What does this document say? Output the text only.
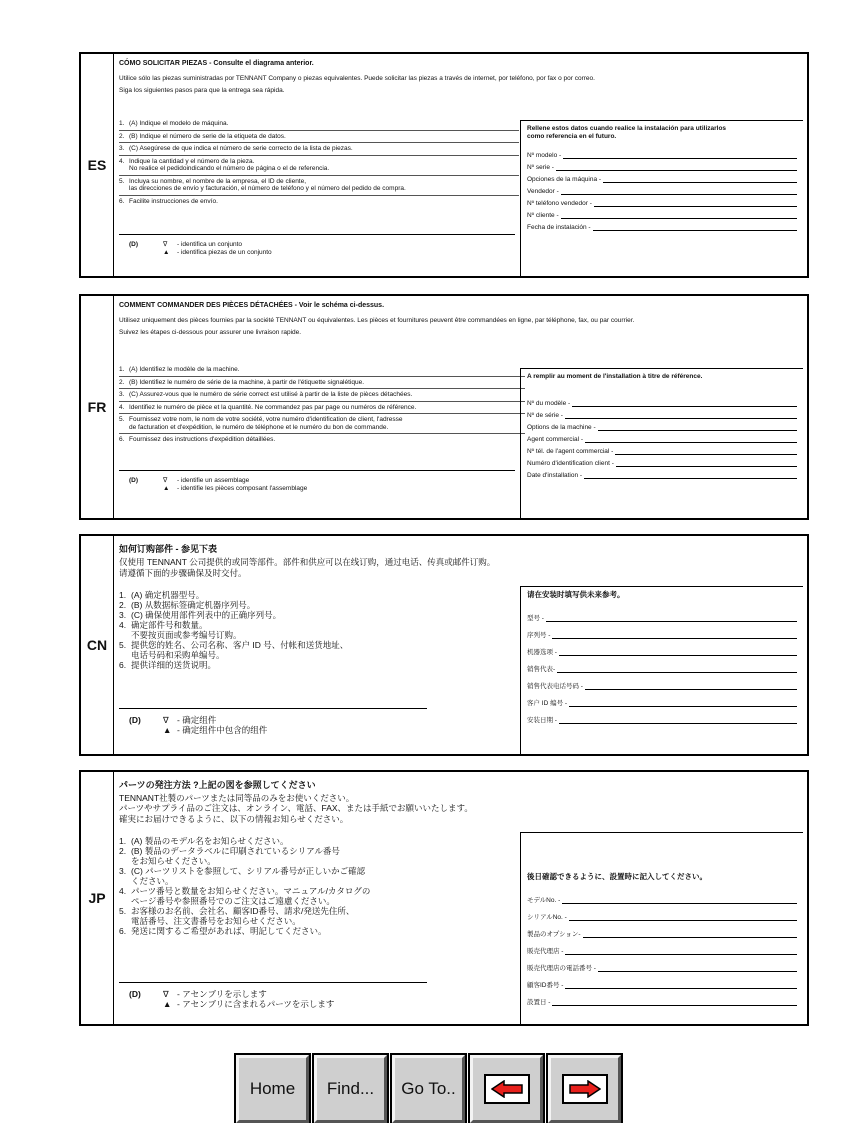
ES
CÓMO SOLICITAR PIEZAS - Consulte el diagrama anterior.
Utilice sólo las piezas suministradas por TENNANT Company o piezas equivalentes. Puede solicitar las piezas a través de internet, por teléfono, por fax o por correo.
Siga los siguientes pasos para que la entrega sea rápida.
1. (A) Indique el modelo de máquina.
2. (B) Indique el número de serie de la etiqueta de datos.
3. (C) Asegúrese de que indica el número de serie correcto de la lista de piezas.
4. Indique la cantidad y el número de la pieza.
No realice el pedidoindicando el número de página o el de referencia.
5. Incluya su nombre, el nombre de la empresa, el ID de cliente,
las direcciones de envío y facturación, el número de teléfono y el número del pedido de compra.
6. Facilite instrucciones de envío.
(D)	∇	- identifica un conjunto
▲	- identifica piezas de un conjunto
Rellene estos datos cuando realice la instalación para utilizarlos
como referencia en el futuro.
Nº modelo -
Nº serie -
Opciones de la máquina -
Vendedor -
Nº teléfono vendedor -
Nº cliente -
Fecha de instalación -
FR
COMMENT COMMANDER DES PIÈCES DÉTACHÉES - Voir le schéma ci-dessus.
Utilisez uniquement des pièces fournies par la société TENNANT ou équivalentes. Les pièces et fournitures peuvent être commandées en ligne, par téléphone, fax, ou par courrier.
Suivez les étapes ci-dessous pour assurer une livraison rapide.
1. (A) Identifiez le modèle de la machine.
2. (B) Identifiez le numéro de série de la machine, à partir de l'étiquette signalétique.
3. (C) Assurez-vous que le numéro de série correct est utilisé à partir de la liste de pièces détachées.
4. Identifiez le numéro de pièce et la quantité. Ne commandez pas par page ou numéros de référence.
5. Fournissez votre nom, le nom de votre société, votre numéro d'identification de client, l'adresse
de facturation et d'expédition, le numéro de téléphone et le numéro du bon de commande.
6. Fournissez des instructions d'expédition détaillées.
(D)	∇	- identifie un assemblage
▲	- identifie les pièces composant l'assemblage
A remplir au moment de l'installation à titre de référence.
Nº du modèle -
Nº de série -
Options de la machine -
Agent commercial -
Nº tél. de l'agent commercial -
Numéro d'identification client -
Date d'installation -
CN
如何订购部件 - 参见下表
仅使用 TENNANT 公司提供的或同等部件。部件和供应可以在线订购，通过电话、传真或邮件订购。
请遵循下面的步骤确保及时交付。
1. (A) 确定机器型号。
2. (B) 从数据标签确定机器序列号。
3. (C) 确保使用部件列表中的正确序列号。
4. 确定部件号和数量。
不要按页面或参考编号订购。
5. 提供您的姓名、公司名称、客户 ID 号、付帐和送货地址、
电话号码和采购单编号。
6. 提供详细的送货说明。
(D)	∇ - 确定组件
▲ - 确定组件中包含的组件
请在安装时填写供未来参考。
型号 -
序列号 -
机器选项 -
销售代表-
销售代表电话号码 -
客户 ID 编号 -
安装日期 -
JP
パーツの発注方法 ?上記の図を参照してください
TENNANT社製のパーツまたは同等品のみをお使いください。
パーツやサプライ品のご注文は、オンライン、電話、FAX、または手紙でお願いいたします。
確実にお届けできるように、以下の情報お知らせください。
1. (A) 製品のモデル名をお知らせください。
2. (B) 製品のデータラベルに印刷されているシリアル番号
をお知らせください。
3. (C) パーツリストを参照して、シリアル番号が正しいかご確認
ください。
4. パーツ番号と数量をお知らせください。マニュアル/カタログの
ページ番号や参照番号でのご注文はご遠慮ください。
5. お客様のお名前、会社名、顧客ID番号、請求/発送先住所、
電話番号、注文書番号をお知らせください。
6. 発送に関するご希望があれば、明記してください。
(D)	∇ - アセンブリを示します
▲ - アセンブリに含まれるパーツを示します
後日確認できるように、設置時に記入してください。
モデルNo. -
シリアルNo. -
製品のオプション-
販売代理店 -
販売代理店の電話番号 -
顧客ID番号 -
設置日 -
Home	Find...	Go To..
